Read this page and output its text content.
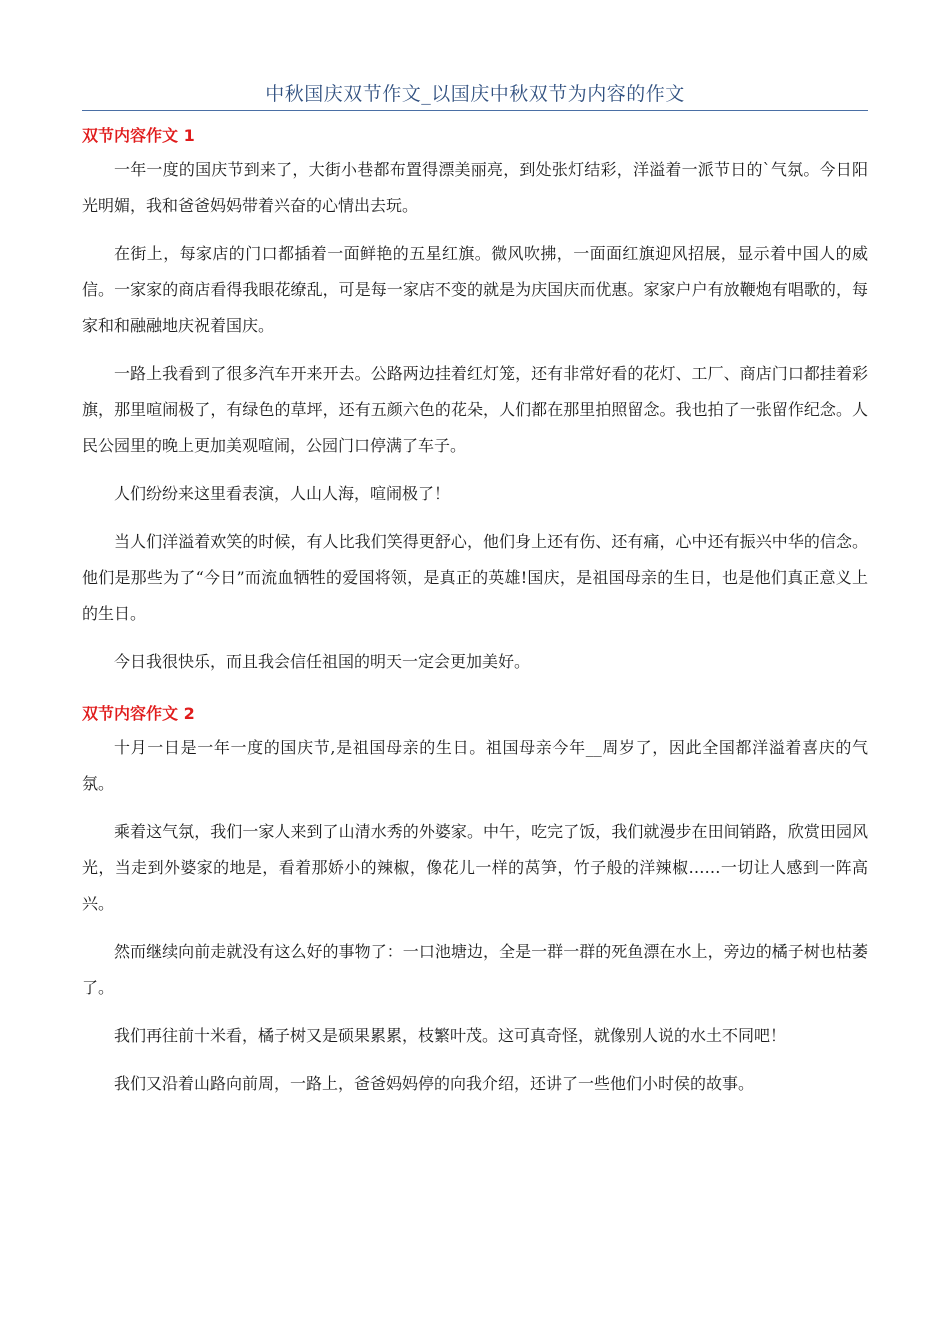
中秋国庆双节作文_以国庆中秋双节为内容的作文
双节内容作文 1

一年一度的国庆节到来了，大街小巷都布置得漂美丽亮，到处张灯结彩，洋溢着一派节日的`气氛。今日阳光明媚，我和爸爸妈妈带着兴奋的心情出去玩。

在街上，每家店的门口都插着一面鲜艳的五星红旗。微风吹拂，一面面红旗迎风招展，显示着中国人的威信。一家家的商店看得我眼花缭乱，可是每一家店不变的就是为庆国庆而优惠。家家户户有放鞭炮有唱歌的，每家和和融融地庆祝着国庆。

一路上我看到了很多汽车开来开去。公路两边挂着红灯笼，还有非常好看的花灯、工厂、商店门口都挂着彩旗，那里喧闹极了，有绿色的草坪，还有五颜六色的花朵，人们都在那里拍照留念。我也拍了一张留作纪念。人民公园里的晚上更加美观喧闹，公园门口停满了车子。

人们纷纷来这里看表演，人山人海，喧闹极了！

当人们洋溢着欢笑的时候，有人比我们笑得更舒心，他们身上还有伤、还有痛，心中还有振兴中华的信念。他们是那些为了“今日”而流血牺牲的爱国将领，是真正的英雄!国庆，是祖国母亲的生日，也是他们真正意义上的生日。

今日我很快乐，而且我会信任祖国的明天一定会更加美好。

双节内容作文 2

十月一日是一年一度的国庆节,是祖国母亲的生日。祖国母亲今年__周岁了，因此全国都洋溢着喜庆的气氛。

乘着这气氛，我们一家人来到了山清水秀的外婆家。中午，吃完了饭，我们就漫步在田间销路，欣赏田园风光，当走到外婆家的地是，看着那娇小的辣椒，像花儿一样的莴笋，竹子般的洋辣椒……一切让人感到一阵高兴。

然而继续向前走就没有这么好的事物了：一口池塘边，全是一群一群的死鱼漂在水上，旁边的橘子树也枯萎了。

我们再往前十米看，橘子树又是硕果累累，枝繁叶茂。这可真奇怪，就像别人说的水土不同吧！

我们又沿着山路向前周，一路上，爸爸妈妈停的向我介绍，还讲了一些他们小时侯的故事。
